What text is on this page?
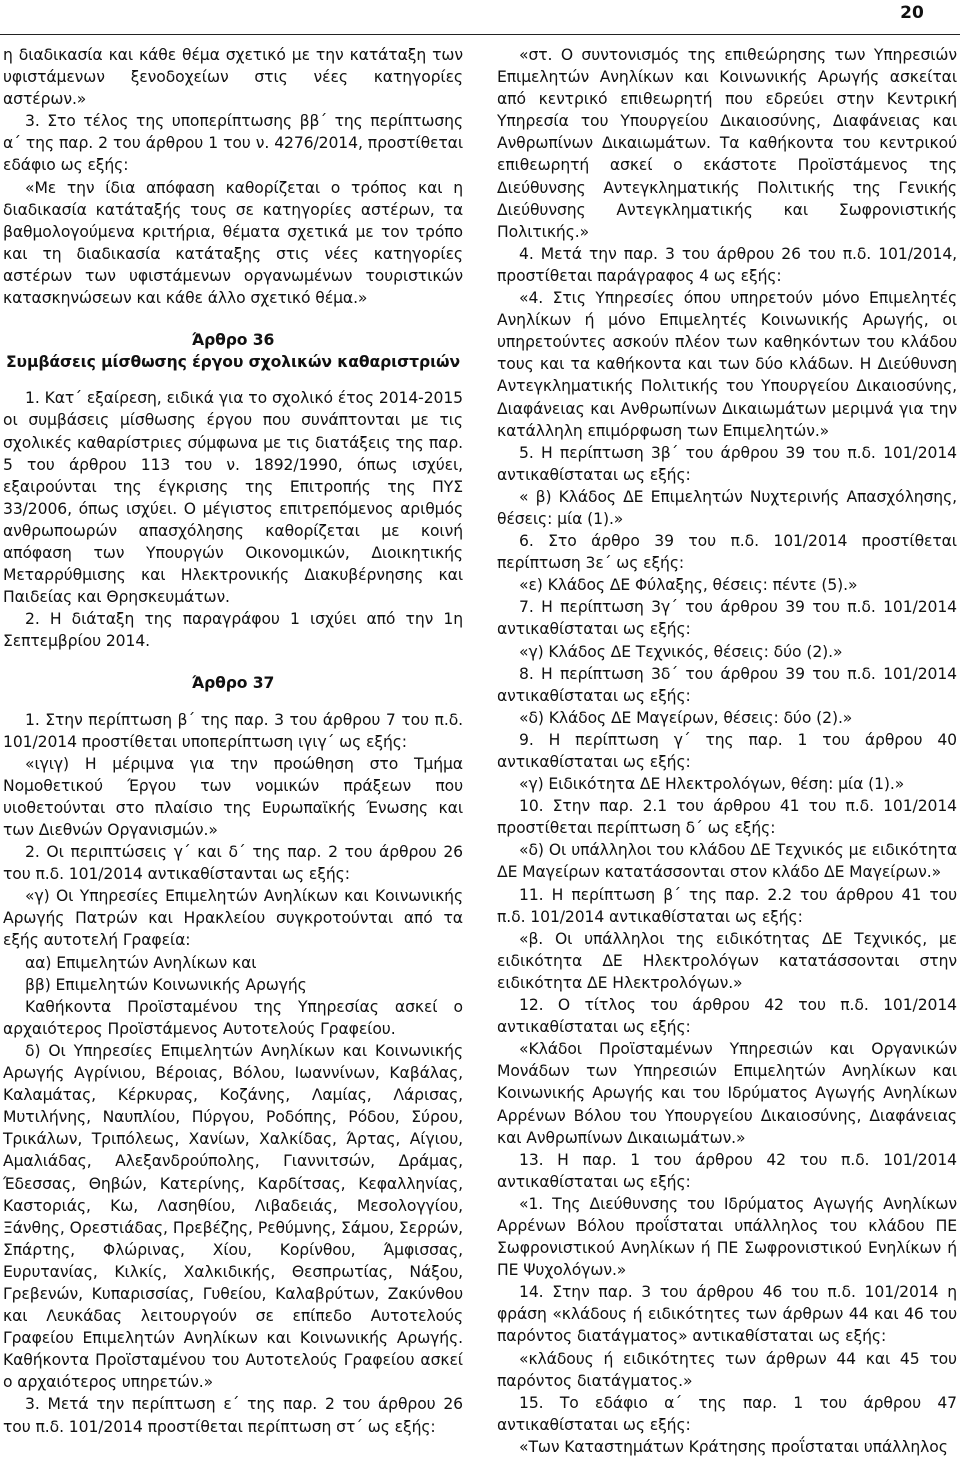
20

η διαδικασία και κάθε θέμα σχετικό με την κατάταξη των υφιστάμενων ξενοδοχείων στις νέες κατηγορίες αστέρων.»

3. Στο τέλος της υποπερίπτωσης ββ΄ της περίπτωσης α΄ της παρ. 2 του άρθρου 1 του ν. 4276/2014, προστίθεται εδάφιο ως εξής:

«Με την ίδια απόφαση καθορίζεται ο τρόπος και η διαδικασία κατάταξής τους σε κατηγορίες αστέρων, τα βαθμολογούμενα κριτήρια, θέματα σχετικά με τον τρόπο και τη διαδικασία κατάταξης στις νέες κατηγορίες αστέρων των υφιστάμενων οργανωμένων τουριστικών κατασκηνώσεων και κάθε άλλο σχετικό θέμα.»

Άρθρο 36
Συμβάσεις μίσθωσης έργου σχολικών καθαριστριών

1. Κατ΄ εξαίρεση, ειδικά για το σχολικό έτος 2014-2015 οι συμβάσεις μίσθωσης έργου που συνάπτονται με τις σχολικές καθαρίστριες σύμφωνα με τις διατάξεις της παρ. 5 του άρθρου 113 του ν. 1892/1990, όπως ισχύει, εξαιρούνται της έγκρισης της Επιτροπής της ΠΥΣ 33/2006, όπως ισχύει. Ο μέγιστος επιτρεπόμενος αριθμός ανθρωποωρών απασχόλησης καθορίζεται με κοινή απόφαση των Υπουργών Οικονομικών, Διοικητικής Μεταρρύθμισης και Ηλεκτρονικής Διακυβέρνησης και Παιδείας και Θρησκευμάτων.

2. Η διάταξη της παραγράφου 1 ισχύει από την 1η Σεπτεμβρίου 2014.

Άρθρο 37

1. Στην περίπτωση β΄ της παρ. 3 του άρθρου 7 του π.δ. 101/2014 προστίθεται υποπερίπτωση ιγιγ΄ ως εξής:

«ιγιγ) Η μέριμνα για την προώθηση στο Τμήμα Νομοθετικού Έργου των νομικών πράξεων που υιοθετούνται στο πλαίσιο της Ευρωπαϊκής Ένωσης και των Διεθνών Οργανισμών.»

2. Οι περιπτώσεις γ΄ και δ΄ της παρ. 2 του άρθρου 26 του π.δ. 101/2014 αντικαθίστανται ως εξής:

«γ) Οι Υπηρεσίες Επιμελητών Ανηλίκων και Κοινωνικής Αρωγής Πατρών και Ηρακλείου συγκροτούνται από τα εξής αυτοτελή Γραφεία:

αα) Επιμελητών Ανηλίκων και

ββ) Επιμελητών Κοινωνικής Αρωγής

Καθήκοντα Προϊσταμένου της Υπηρεσίας ασκεί ο αρχαιότερος Προϊστάμενος Αυτοτελούς Γραφείου.

δ) Οι Υπηρεσίες Επιμελητών Ανηλίκων και Κοινωνικής Αρωγής Αγρίνιου, Βέροιας, Βόλου, Ιωαννίνων, Καβάλας, Καλαμάτας, Κέρκυρας, Κοζάνης, Λαμίας, Λάρισας, Μυτιλήνης, Ναυπλίου, Πύργου, Ροδόπης, Ρόδου, Σύρου, Τρικάλων, Τριπόλεως, Χανίων, Χαλκίδας, Άρτας, Αίγιου, Αμαλιάδας, Αλεξανδρούπολης, Γιαννιτσών, Δράμας, Έδεσσας, Θηβών, Κατερίνης, Καρδίτσας, Κεφαλληνίας, Καστοριάς, Κω, Λασηθίου, Λιβαδειάς, Μεσολογγίου, Ξάνθης, Ορεστιάδας, Πρεβέζης, Ρεθύμνης, Σάμου, Σερρών, Σπάρτης, Φλώρινας, Χίου, Κορίνθου, Άμφισσας, Ευρυτανίας, Κιλκίς, Χαλκιδικής, Θεσπρωτίας, Νάξου, Γρεβενών, Κυπαρισσίας, Γυθείου, Καλαβρύτων, Ζακύνθου και Λευκάδας λειτουργούν σε επίπεδο Αυτοτελούς Γραφείου Επιμελητών Ανηλίκων και Κοινωνικής Αρωγής. Καθήκοντα Προϊσταμένου του Αυτοτελούς Γραφείου ασκεί ο αρχαιότερος υπηρετών.»

3. Μετά την περίπτωση ε΄ της παρ. 2 του άρθρου 26 του π.δ. 101/2014 προστίθεται περίπτωση στ΄ ως εξής:

«στ. Ο συντονισμός της επιθεώρησης των Υπηρεσιών Επιμελητών Ανηλίκων και Κοινωνικής Αρωγής ασκείται από κεντρικό επιθεωρητή που εδρεύει στην Κεντρική Υπηρεσία του Υπουργείου Δικαιοσύνης, Διαφάνειας και Ανθρωπίνων Δικαιωμάτων. Τα καθήκοντα του κεντρικού επιθεωρητή ασκεί ο εκάστοτε Προϊστάμενος της Διεύθυνσης Αντεγκληματικής Πολιτικής της Γενικής Διεύθυνσης Αντεγκληματικής και Σωφρονιστικής Πολιτικής.»

4. Μετά την παρ. 3 του άρθρου 26 του π.δ. 101/2014, προστίθεται παράγραφος 4 ως εξής:

«4. Στις Υπηρεσίες όπου υπηρετούν μόνο Επιμελητές Ανηλίκων ή μόνο Επιμελητές Κοινωνικής Αρωγής, οι υπηρετούντες ασκούν πλέον των καθηκόντων του κλάδου τους και τα καθήκοντα και των δύο κλάδων. Η Διεύθυνση Αντεγκληματικής Πολιτικής του Υπουργείου Δικαιοσύνης, Διαφάνειας και Ανθρωπίνων Δικαιωμάτων μεριμνά για την κατάλληλη επιμόρφωση των Επιμελητών.»

5. Η περίπτωση 3β΄ του άρθρου 39 του π.δ. 101/2014 αντικαθίσταται ως εξής:

« β) Κλάδος ΔΕ Επιμελητών Νυχτερινής Απασχόλησης, θέσεις: μία (1).»

6. Στο άρθρο 39 του π.δ. 101/2014 προστίθεται περίπτωση 3ε΄ ως εξής:

«ε) Κλάδος ΔΕ Φύλαξης, θέσεις: πέντε (5).»

7. Η περίπτωση 3γ΄ του άρθρου 39 του π.δ. 101/2014 αντικαθίσταται ως εξής:

«γ) Κλάδος ΔΕ Τεχνικός, θέσεις: δύο (2).»

8. Η περίπτωση 3δ΄ του άρθρου 39 του π.δ. 101/2014 αντικαθίσταται ως εξής:

«δ) Κλάδος ΔΕ Μαγείρων, θέσεις: δύο (2).»

9. Η περίπτωση γ΄ της παρ. 1 του άρθρου 40 αντικαθίσταται ως εξής:

«γ) Ειδικότητα ΔΕ Ηλεκτρολόγων, θέση: μία (1).»

10. Στην παρ. 2.1 του άρθρου 41 του π.δ. 101/2014 προστίθεται περίπτωση δ΄ ως εξής:

«δ) Οι υπάλληλοι του κλάδου ΔΕ Τεχνικός με ειδικότητα ΔΕ Μαγείρων κατατάσσονται στον κλάδο ΔΕ Μαγείρων.»

11. Η περίπτωση β΄ της παρ. 2.2 του άρθρου 41 του π.δ. 101/2014 αντικαθίσταται ως εξής:

«β. Οι υπάλληλοι της ειδικότητας ΔΕ Τεχνικός, με ειδικότητα ΔΕ Ηλεκτρολόγων κατατάσσονται στην ειδικότητα ΔΕ Ηλεκτρολόγων.»

12. Ο τίτλος του άρθρου 42 του π.δ. 101/2014 αντικαθίσταται ως εξής:

«Κλάδοι Προϊσταμένων Υπηρεσιών και Οργανικών Μονάδων των Υπηρεσιών Επιμελητών Ανηλίκων και Κοινωνικής Αρωγής και του Ιδρύματος Αγωγής Ανηλίκων Αρρένων Βόλου του Υπουργείου Δικαιοσύνης, Διαφάνειας και Ανθρωπίνων Δικαιωμάτων.»

13. Η παρ. 1 του άρθρου 42 του π.δ. 101/2014 αντικαθίσταται ως εξής:

«1. Της Διεύθυνσης του Ιδρύματος Αγωγής Ανηλίκων Αρρένων Βόλου προΐσταται υπάλληλος του κλάδου ΠΕ Σωφρονιστικού Ανηλίκων ή ΠΕ Σωφρονιστικού Ενηλίκων ή ΠΕ Ψυχολόγων.»

14. Στην παρ. 3 του άρθρου 46 του π.δ. 101/2014 η φράση «κλάδους ή ειδικότητες των άρθρων 44 και 46 του παρόντος διατάγματος» αντικαθίσταται ως εξής:

«κλάδους ή ειδικότητες των άρθρων 44 και 45 του παρόντος διατάγματος.»

15. Το εδάφιο α΄ της παρ. 1 του άρθρου 47 αντικαθίσταται ως εξής:

«Των Καταστημάτων Κράτησης προΐσταται υπάλληλος
